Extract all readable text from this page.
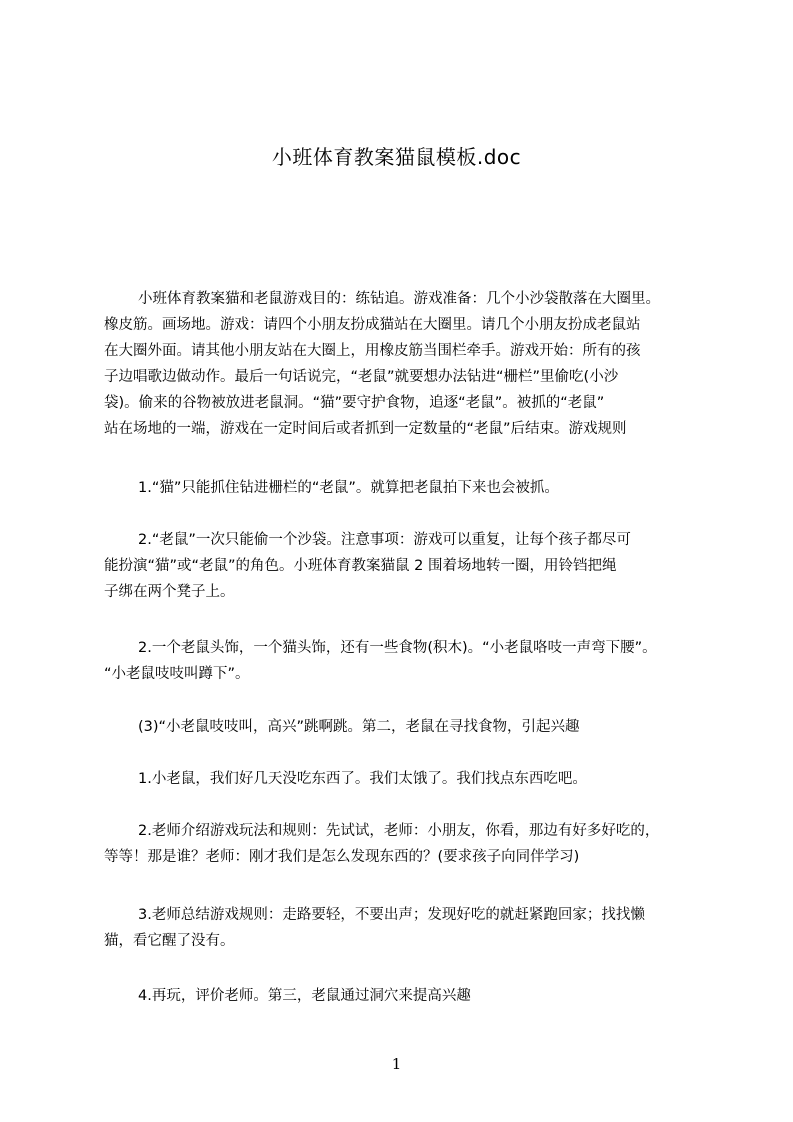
小班体育教案猫鼠模板.doc
小班体育教案猫和老鼠游戏目的：练钻追。游戏准备：几个小沙袋散落在大圈里。
橡皮筋。画场地。游戏：请四个小朋友扮成猫站在大圈里。请几个小朋友扮成老鼠站
在大圈外面。请其他小朋友站在大圈上，用橡皮筋当围栏牵手。游戏开始：所有的孩
子边唱歌边做动作。最后一句话说完，“老鼠”就要想办法钻进“栅栏”里偷吃(小沙
袋)。偷来的谷物被放进老鼠洞。“猫”要守护食物，追逐“老鼠”。被抓的“老鼠”
站在场地的一端，游戏在一定时间后或者抓到一定数量的“老鼠”后结束。游戏规则
1.“猫”只能抓住钻进栅栏的“老鼠”。就算把老鼠拍下来也会被抓。
2.“老鼠”一次只能偷一个沙袋。注意事项：游戏可以重复，让每个孩子都尽可
能扮演“猫”或“老鼠”的角色。小班体育教案猫鼠 2 围着场地转一圈，用铃铛把绳
子绑在两个凳子上。
2.一个老鼠头饰，一个猫头饰，还有一些食物(积木)。“小老鼠咯吱一声弯下腰”。
“小老鼠吱吱叫蹲下”。
(3)“小老鼠吱吱叫，高兴”跳啊跳。第二，老鼠在寻找食物，引起兴趣
1.小老鼠，我们好几天没吃东西了。我们太饿了。我们找点东西吃吧。
2.老师介绍游戏玩法和规则：先试试，老师：小朋友，你看，那边有好多好吃的，
等等！那是谁？老师：刚才我们是怎么发现东西的？(要求孩子向同伴学习)
3.老师总结游戏规则：走路要轻，不要出声；发现好吃的就赶紧跑回家；找找懒
猫，看它醒了没有。
4.再玩，评价老师。第三，老鼠通过洞穴来提高兴趣
1
